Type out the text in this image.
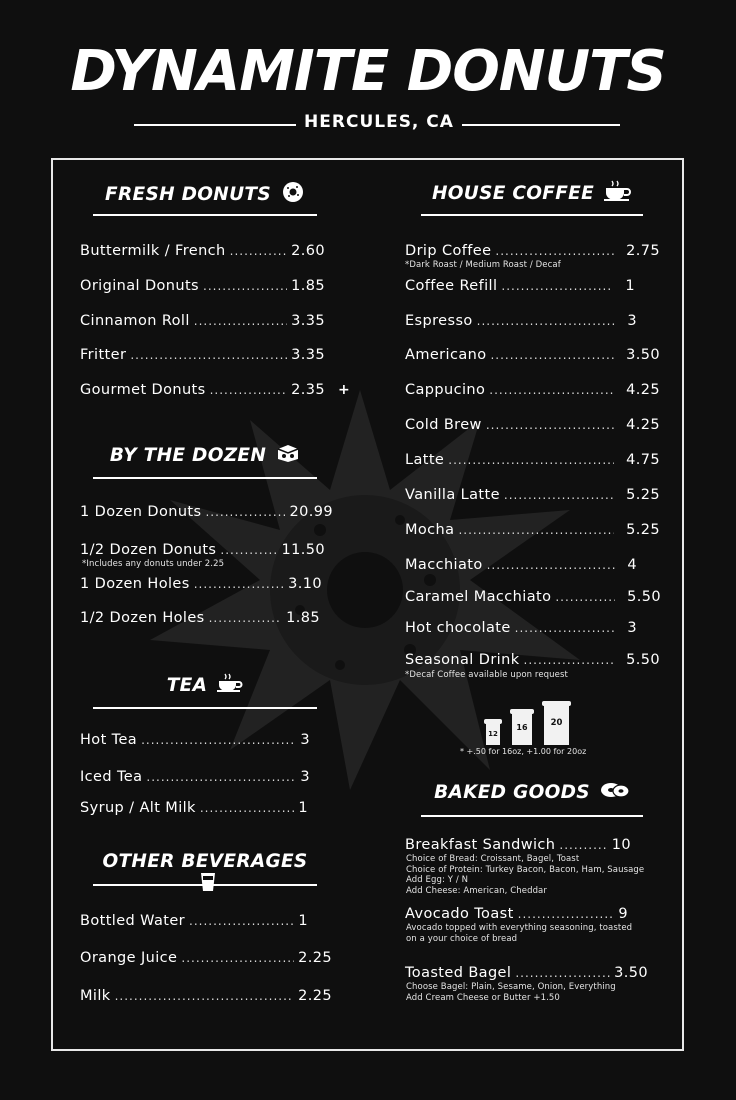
DYNAMITE DONUTS
HERCULES, CA
FRESH DONUTS
Buttermilk / French .....	2.60
Original Donuts .....	1.85
Cinnamon Roll .....	3.35
Fritter .....	3.35
Gourmet Donuts .....	2.35 +
BY THE DOZEN
1 Dozen Donuts .....	20.99
1/2 Dozen Donuts .....	11.50
*Includes any donuts under 2.25
1 Dozen Holes .....	3.10
1/2 Dozen Holes .....	1.85
TEA
Hot Tea .....	3
Iced Tea .....	3
Syrup / Alt Milk .....	1
OTHER BEVERAGES
Bottled Water .....	1
Orange Juice .....	2.25
Milk .....	2.25
HOUSE COFFEE
Drip Coffee .....	2.75
*Dark Roast / Medium Roast / Decaf
Coffee Refill .....	1
Espresso .....	3
Americano .....	3.50
Cappucino .....	4.25
Cold Brew .....	4.25
Latte .....	4.75
Vanilla Latte .....	5.25
Mocha .....	5.25
Macchiato .....	4
Caramel Macchiato .....	5.50
Hot chocolate .....	3
Seasonal Drink .....	5.50
*Decaf Coffee available upon request
12
16	20
* +.50 for 16oz, +1.00 for 20oz
BAKED GOODS
Breakfast Sandwich .....	10
Choice of Bread: Croissant, Bagel, Toast
Choice of Protein: Turkey Bacon, Bacon, Ham, Sausage
Add Egg: Y / N
Add Cheese: American, Cheddar
Avocado Toast .....	9
Avocado topped with everything seasoning, toasted
on a your choice of bread
Toasted Bagel .....	3.50
Choose Bagel: Plain, Sesame, Onion, Everything
Add Cream Cheese or Butter +1.50
